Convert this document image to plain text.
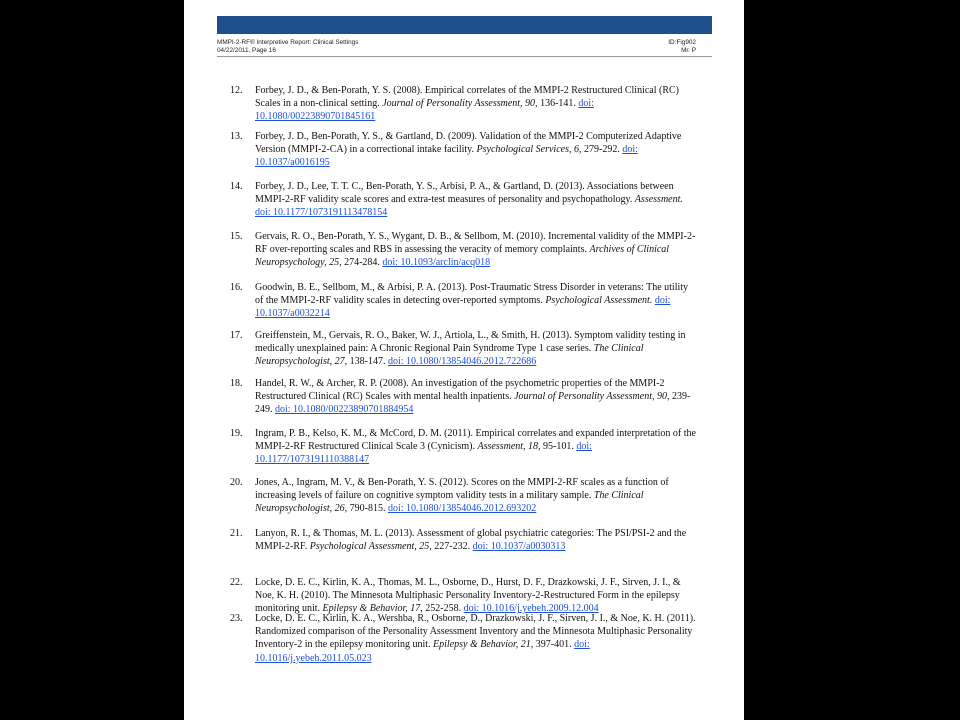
MMPI-2-RF® Interpretive Report: Clinical Settings
04/22/2011, Page 16
ID:Fig902
Mr. P
12. Forbey, J. D., & Ben-Porath, Y. S. (2008). Empirical correlates of the MMPI-2 Restructured Clinical (RC) Scales in a non-clinical setting. Journal of Personality Assessment, 90, 136-141. doi: 10.1080/00223890701845161
13. Forbey, J. D., Ben-Porath, Y. S., & Gartland, D. (2009). Validation of the MMPI-2 Computerized Adaptive Version (MMPI-2-CA) in a correctional intake facility. Psychological Services, 6, 279-292. doi: 10.1037/a0016195
14. Forbey, J. D., Lee, T. T. C., Ben-Porath, Y. S., Arbisi, P. A., & Gartland, D. (2013). Associations between MMPI-2-RF validity scale scores and extra-test measures of personality and psychopathology. Assessment. doi: 10.1177/1073191113478154
15. Gervais, R. O., Ben-Porath, Y. S., Wygant, D. B., & Sellbom, M. (2010). Incremental validity of the MMPI-2-RF over-reporting scales and RBS in assessing the veracity of memory complaints. Archives of Clinical Neuropsychology, 25, 274-284. doi: 10.1093/arclin/acq018
16. Goodwin, B. E., Sellbom, M., & Arbisi, P. A. (2013). Post-Traumatic Stress Disorder in veterans: The utility of the MMPI-2-RF validity scales in detecting over-reported symptoms. Psychological Assessment. doi: 10.1037/a0032214
17. Greiffenstein, M., Gervais, R. O., Baker, W. J., Artiola, L., & Smith, H. (2013). Symptom validity testing in medically unexplained pain: A Chronic Regional Pain Syndrome Type 1 case series. The Clinical Neuropsychologist, 27, 138-147. doi: 10.1080/13854046.2012.722686
18. Handel, R. W., & Archer, R. P. (2008). An investigation of the psychometric properties of the MMPI-2 Restructured Clinical (RC) Scales with mental health inpatients. Journal of Personality Assessment, 90, 239-249. doi: 10.1080/00223890701884954
19. Ingram, P. B., Kelso, K. M., & McCord, D. M. (2011). Empirical correlates and expanded interpretation of the MMPI-2-RF Restructured Clinical Scale 3 (Cynicism). Assessment, 18, 95-101. doi: 10.1177/1073191110388147
20. Jones, A., Ingram, M. V., & Ben-Porath, Y. S. (2012). Scores on the MMPI-2-RF scales as a function of increasing levels of failure on cognitive symptom validity tests in a military sample. The Clinical Neuropsychologist, 26, 790-815. doi: 10.1080/13854046.2012.693202
21. Lanyon, R. I., & Thomas, M. L. (2013). Assessment of global psychiatric categories: The PSI/PSI-2 and the MMPI-2-RF. Psychological Assessment, 25, 227-232. doi: 10.1037/a0030313
22. Locke, D. E. C., Kirlin, K. A., Thomas, M. L., Osborne, D., Hurst, D. F., Drazkowski, J. F., Sirven, J. I., & Noe, K. H. (2010). The Minnesota Multiphasic Personality Inventory-2-Restructured Form in the epilepsy monitoring unit. Epilepsy & Behavior, 17, 252-258. doi: 10.1016/j.yebeh.2009.12.004
23. Locke, D. E. C., Kirlin, K. A., Wershba, R., Osborne, D., Drazkowski, J. F., Sirven, J. I., & Noe, K. H. (2011). Randomized comparison of the Personality Assessment Inventory and the Minnesota Multiphasic Personality Inventory-2 in the epilepsy monitoring unit. Epilepsy & Behavior, 21, 397-401. doi: 10.1016/j.yebeh.2011.05.023
